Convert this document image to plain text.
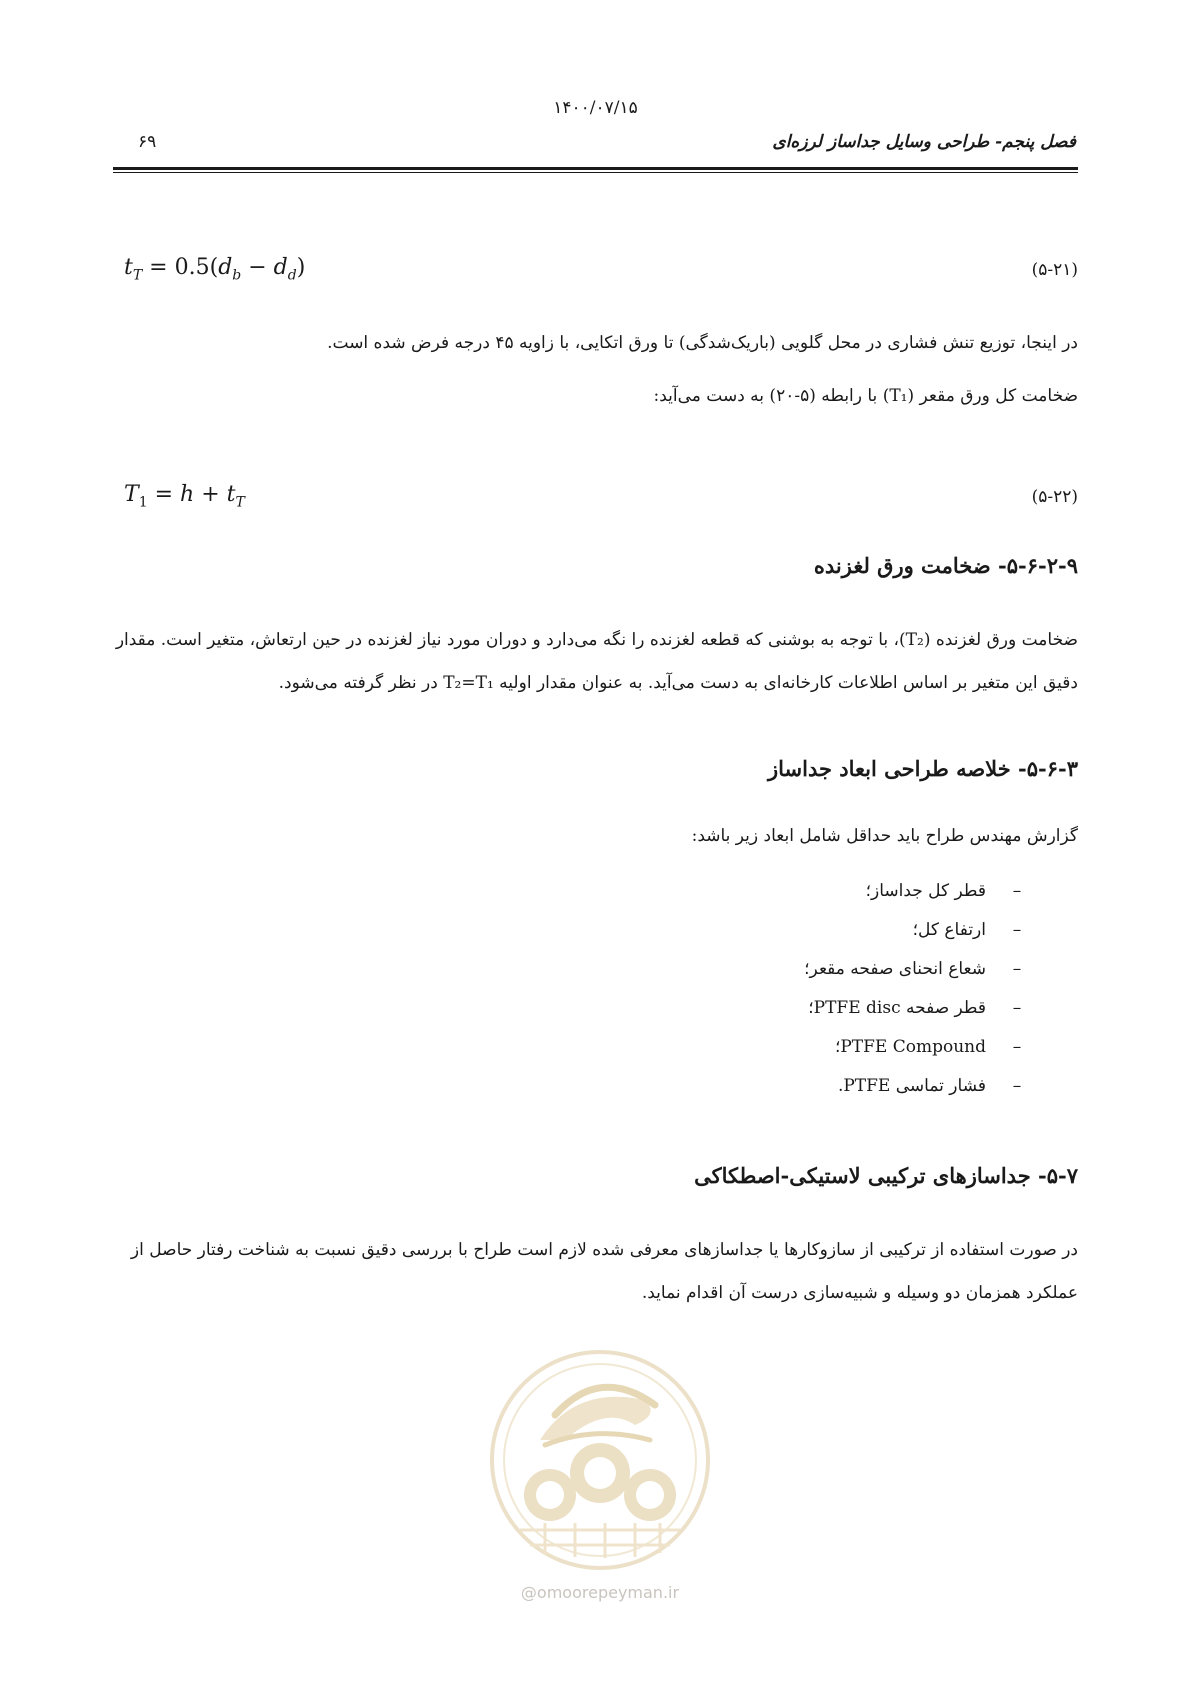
۱۴۰۰/۰۷/۱۵
فصل پنجم- طراحی وسایل جداساز لرزه‌ای
۶۹
$t_T = 0.5(d_b - d_d)$	(۵-۲۱)
در اینجا، توزیع تنش فشاری در محل گلویی (باریک‌شدگی) تا ورق اتکایی، با زاویه ۴۵ درجه فرض شده است.
ضخامت کل ورق مقعر (T₁) با رابطه (۵-۲۰) به دست می‌آید:
$T_1 = h + t_T$	(۵-۲۲)
۵-۶-۲-۹- ضخامت ورق لغزنده
ضخامت ورق لغزنده (T₂)، با توجه به بوشنی که قطعه لغزنده را نگه می‌دارد و دوران مورد نیاز لغزنده در حین ارتعاش، متغیر است. مقدار
دقیق این متغیر بر اساس اطلاعات کارخانه‌ای به دست می‌آید. به عنوان مقدار اولیه T₂=T₁ در نظر گرفته می‌شود.
۵-۶-۳- خلاصه طراحی ابعاد جداساز
گزارش مهندس طراح باید حداقل شامل ابعاد زیر باشد:
–قطر کل جداساز؛
–ارتفاع کل؛
–شعاع انحنای صفحه مقعر؛
–قطر صفحه PTFE disc؛
–PTFE Compound؛
–فشار تماسی PTFE.
۵-۷- جداسازهای ترکیبی لاستیکی-اصطکاکی
در صورت استفاده از ترکیبی از سازوکارها یا جداسازهای معرفی شده لازم است طراح با بررسی دقیق نسبت به شناخت رفتار حاصل از
عملکرد همزمان دو وسیله و شبیه‌سازی درست آن اقدام نماید.
@omoorepeyman.ir
